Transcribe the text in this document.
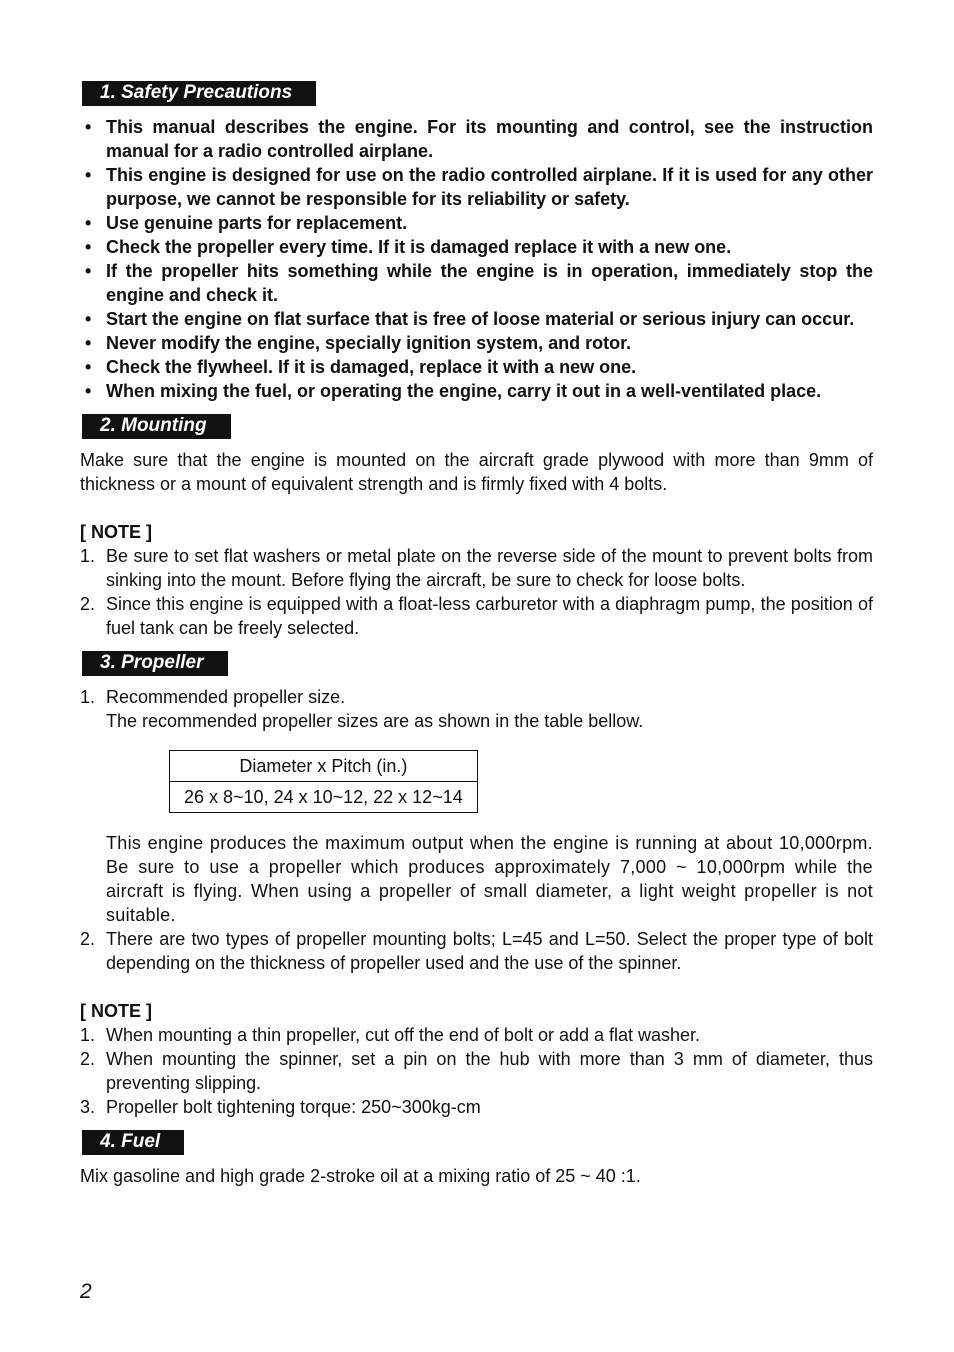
1. Safety Precautions
• This manual describes the engine. For its mounting and control, see the instruction manual for a radio controlled airplane.
• This engine is designed for use on the radio controlled airplane. If it is used for any other purpose, we cannot be responsible for its reliability or safety.
• Use genuine parts for replacement.
• Check the propeller every time. If it is damaged replace it with a new one.
• If the propeller hits something while the engine is in operation, immediately stop the engine and check it.
• Start the engine on flat surface that is free of loose material or serious injury can occur.
• Never modify the engine, specially ignition system, and rotor.
• Check the flywheel. If it is damaged, replace it with a new one.
• When mixing the fuel, or operating the engine, carry it out in a well-ventilated place.
2. Mounting

Make sure that the engine is mounted on the aircraft grade plywood with more than 9mm of thickness or a mount of equivalent strength and is firmly fixed with 4 bolts.

[ NOTE ]
1. Be sure to set flat washers or metal plate on the reverse side of the mount to prevent bolts from sinking into the mount. Before flying the aircraft, be sure to check for loose bolts.
2. Since this engine is equipped with a float-less carburetor with a diaphragm pump, the position of fuel tank can be freely selected.
3. Propeller
1. Recommended propeller size.
The recommended propeller sizes are as shown in the table bellow.
Diameter x Pitch (in.)
26 x 8~10, 24 x 10~12, 22 x 12~14
This engine produces the maximum output when the engine is running at about 10,000rpm. Be sure to use a propeller which produces approximately 7,000 ~ 10,000rpm while the aircraft is flying. When using a propeller of small diameter, a light weight propeller is not suitable.
2. There are two types of propeller mounting bolts; L=45 and L=50. Select the proper type of bolt depending on the thickness of propeller used and the use of the spinner.
[ NOTE ]
1. When mounting a thin propeller, cut off the end of bolt or add a flat washer.
2. When mounting the spinner, set a pin on the hub with more than 3 mm of diameter, thus preventing slipping.
3. Propeller bolt tightening torque: 250~300kg-cm
4. Fuel

Mix gasoline and high grade 2-stroke oil at a mixing ratio of 25 ~ 40 :1.

2
